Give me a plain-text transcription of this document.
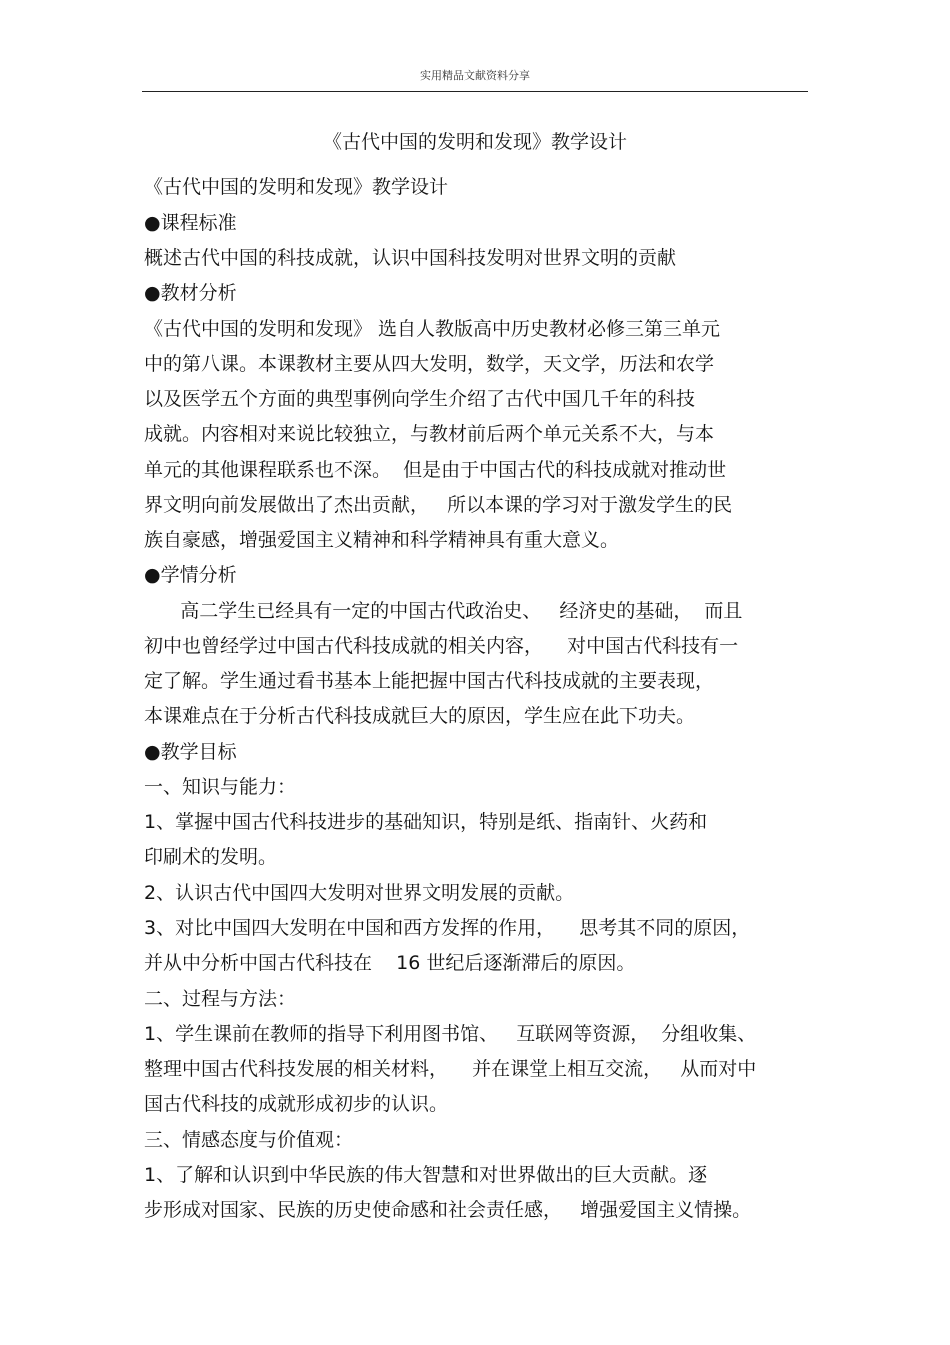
实用精品文献资料分享
《古代中国的发明和发现》教学设计
《古代中国的发明和发现》教学设计
●课程标准
概述古代中国的科技成就，认识中国科技发明对世界文明的贡献
●教材分析
《古代中国的发明和发现》 选自人教版高中历史教材必修三第三单元
中的第八课。本课教材主要从四大发明，数学，天文学，历法和农学
以及医学五个方面的典型事例向学生介绍了古代中国几千年的科技
成就。内容相对来说比较独立，与教材前后两个单元关系不大，与本
单元的其他课程联系也不深。  但是由于中国古代的科技成就对推动世
界文明向前发展做出了杰出贡献，   所以本课的学习对于激发学生的民
族自豪感，增强爱国主义精神和科学精神具有重大意义。
●学情分析
高二学生已经具有一定的中国古代政治史、   经济史的基础，  而且
初中也曾经学过中国古代科技成就的相关内容，    对中国古代科技有一
定了解。学生通过看书基本上能把握中国古代科技成就的主要表现，
本课难点在于分析古代科技成就巨大的原因，学生应在此下功夫。
●教学目标
一、知识与能力：
1、掌握中国古代科技进步的基础知识，特别是纸、指南针、火药和
印刷术的发明。
2、认识古代中国四大发明对世界文明发展的贡献。
3、对比中国四大发明在中国和西方发挥的作用，    思考其不同的原因，
并从中分析中国古代科技在    16 世纪后逐渐滞后的原因。
二、过程与方法：
1、学生课前在教师的指导下利用图书馆、   互联网等资源，  分组收集、
整理中国古代科技发展的相关材料，    并在课堂上相互交流，   从而对中
国古代科技的成就形成初步的认识。
三、情感态度与价值观：
1、了解和认识到中华民族的伟大智慧和对世界做出的巨大贡献。逐
步形成对国家、民族的历史使命感和社会责任感，   增强爱国主义情操。
